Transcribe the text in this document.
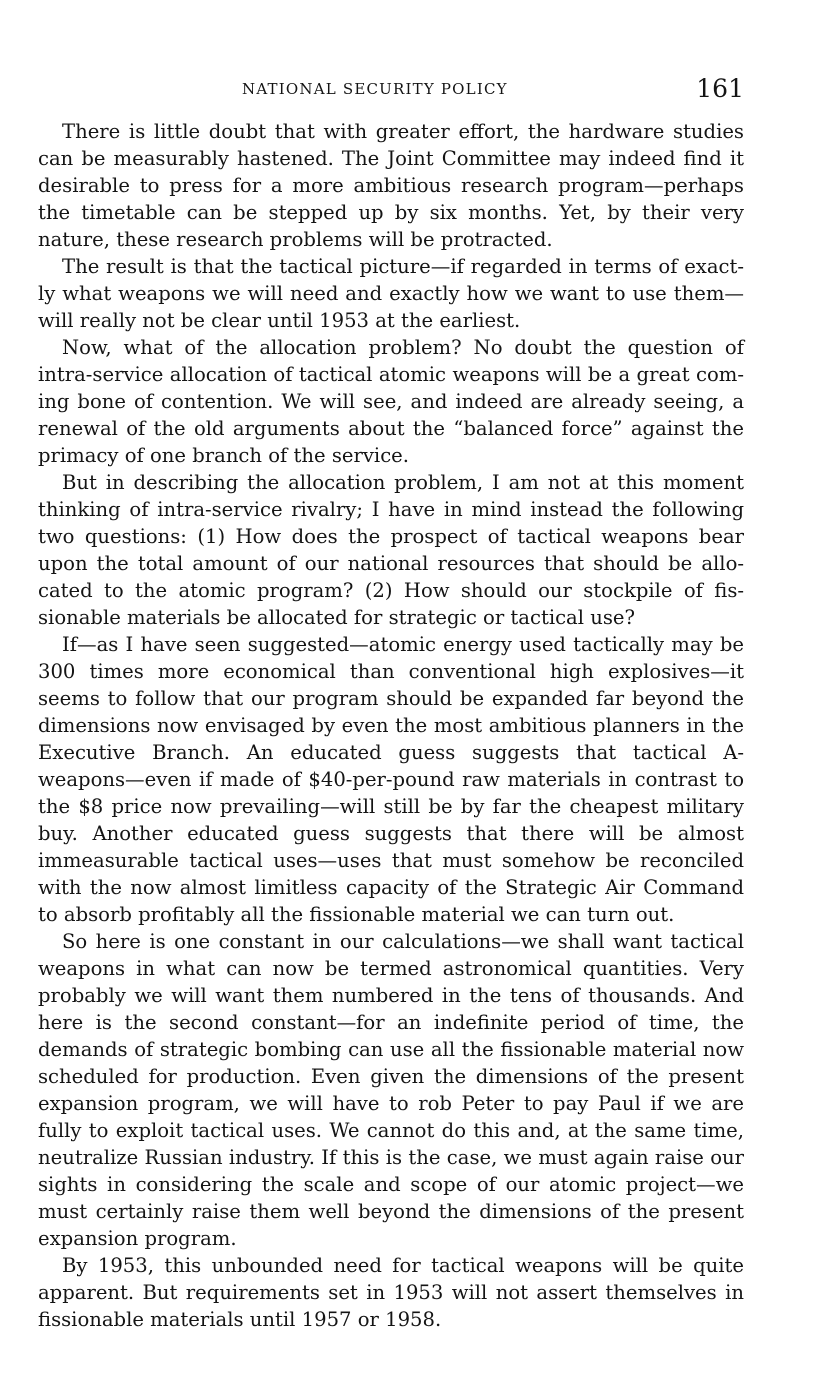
NATIONAL SECURITY POLICY	161

There is little doubt that with greater effort, the hardware studies can be measurably hastened. The Joint Committee may indeed find it desirable to press for a more ambitious research program—perhaps the timetable can be stepped up by six months. Yet, by their very nature, these research problems will be protracted.

The result is that the tactical picture—if regarded in terms of exactly what weapons we will need and exactly how we want to use them—will really not be clear until 1953 at the earliest.

Now, what of the allocation problem? No doubt the question of intra-service allocation of tactical atomic weapons will be a great coming bone of contention. We will see, and indeed are already seeing, a renewal of the old arguments about the “balanced force” against the primacy of one branch of the service.

But in describing the allocation problem, I am not at this moment thinking of intra-service rivalry; I have in mind instead the following two questions: (1) How does the prospect of tactical weapons bear upon the total amount of our national resources that should be allocated to the atomic program? (2) How should our stockpile of fissionable materials be allocated for strategic or tactical use?

If—as I have seen suggested—atomic energy used tactically may be 300 times more economical than conventional high explosives—it seems to follow that our program should be expanded far beyond the dimensions now envisaged by even the most ambitious planners in the Executive Branch. An educated guess suggests that tactical A-weapons—even if made of $40-per-pound raw materials in contrast to the $8 price now prevailing—will still be by far the cheapest military buy. Another educated guess suggests that there will be almost immeasurable tactical uses—uses that must somehow be reconciled with the now almost limitless capacity of the Strategic Air Command to absorb profitably all the fissionable material we can turn out.

So here is one constant in our calculations—we shall want tactical weapons in what can now be termed astronomical quantities. Very probably we will want them numbered in the tens of thousands. And here is the second constant—for an indefinite period of time, the demands of strategic bombing can use all the fissionable material now scheduled for production. Even given the dimensions of the present expansion program, we will have to rob Peter to pay Paul if we are fully to exploit tactical uses. We cannot do this and, at the same time, neutralize Russian industry. If this is the case, we must again raise our sights in considering the scale and scope of our atomic project—we must certainly raise them well beyond the dimensions of the present expansion program.

By 1953, this unbounded need for tactical weapons will be quite apparent. But requirements set in 1953 will not assert themselves in fissionable materials until 1957 or 1958.
